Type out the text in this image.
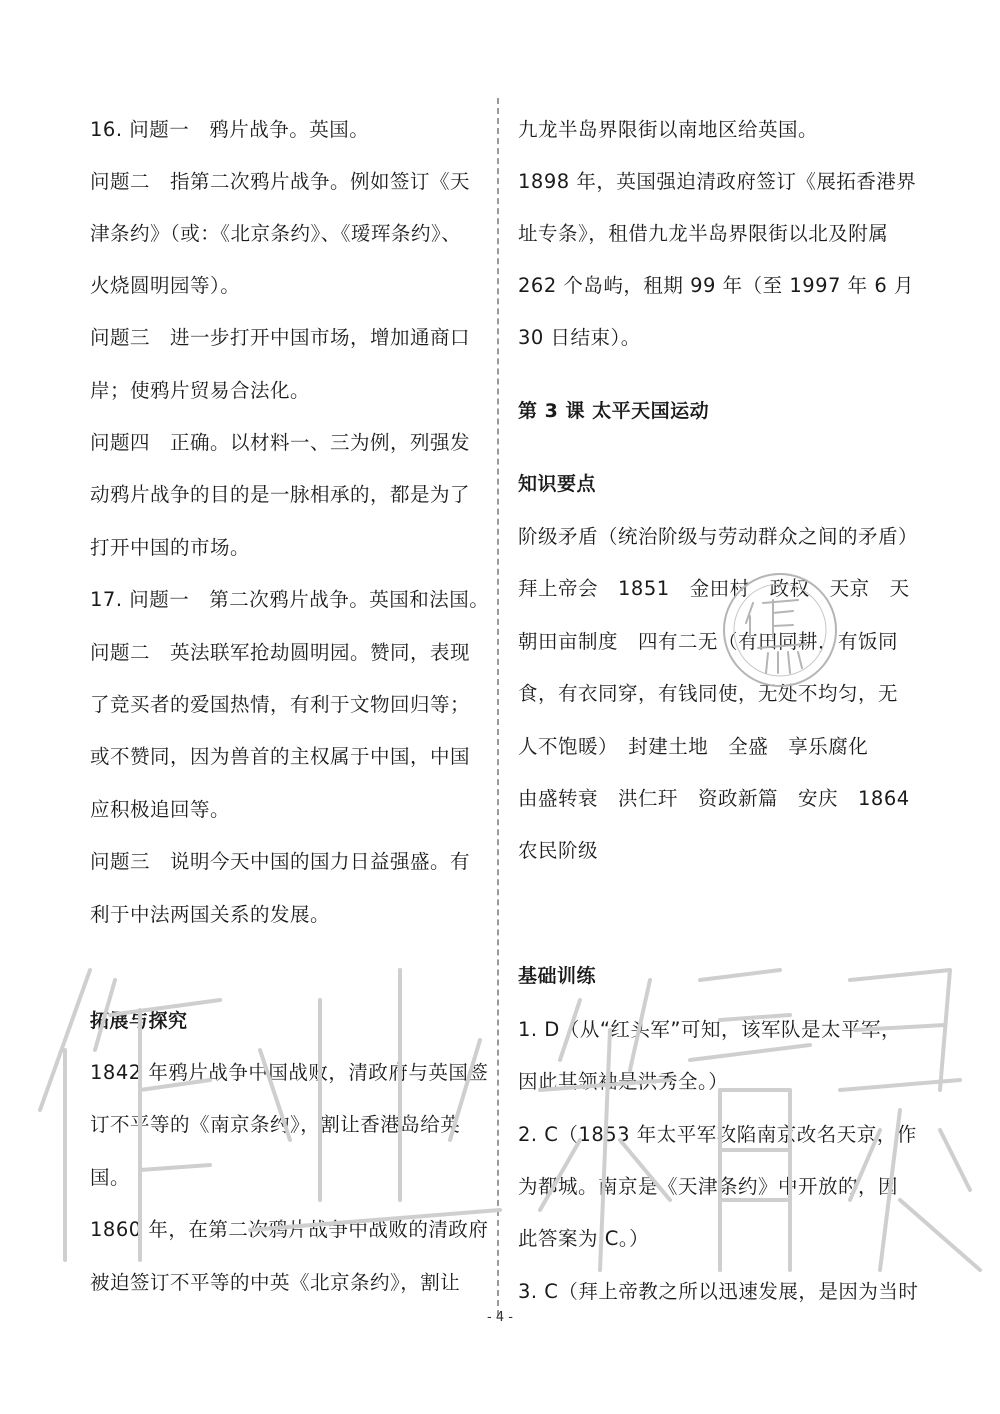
16. 问题一　鸦片战争。英国。
问题二　指第二次鸦片战争。例如签订《天
津条约》（或：《北京条约》、《瑷珲条约》、
火烧圆明园等）。
问题三　进一步打开中国市场，增加通商口
岸；使鸦片贸易合法化。
问题四　正确。以材料一、三为例，列强发
动鸦片战争的目的是一脉相承的，都是为了
打开中国的市场。
17. 问题一　第二次鸦片战争。英国和法国。
问题二　英法联军抢劫圆明园。赞同，表现
了竞买者的爱国热情，有利于文物回归等；
或不赞同，因为兽首的主权属于中国，中国
应积极追回等。
问题三　说明今天中国的国力日益强盛。有
利于中法两国关系的发展。
拓展与探究
1842 年鸦片战争中国战败，清政府与英国签
订不平等的《南京条约》，割让香港岛给英
国。
1860 年，在第二次鸦片战争中战败的清政府
被迫签订不平等的中英《北京条约》，割让
九龙半岛界限街以南地区给英国。
1898 年，英国强迫清政府签订《展拓香港界
址专条》，租借九龙半岛界限街以北及附属
262 个岛屿，租期 99 年（至 1997 年 6 月
30 日结束）。
第 3 课 太平天国运动
知识要点
阶级矛盾（统治阶级与劳动群众之间的矛盾）
拜上帝会　1851　金田村　政权　天京　天
朝田亩制度　四有二无（有田同耕，有饭同
食，有衣同穿，有钱同使，无处不均匀，无
人不饱暖）　封建土地　全盛　享乐腐化
由盛转衰　洪仁玕　资政新篇　安庆　1864
农民阶级
基础训练
1. D（从“红头军”可知，该军队是太平军，
因此其领袖是洪秀全。）
2. C（1853 年太平军攻陷南京改名天京，作
为都城。南京是《天津条约》中开放的，因
此答案为 C。）
3. C（拜上帝教之所以迅速发展，是因为当时
- 4 -
